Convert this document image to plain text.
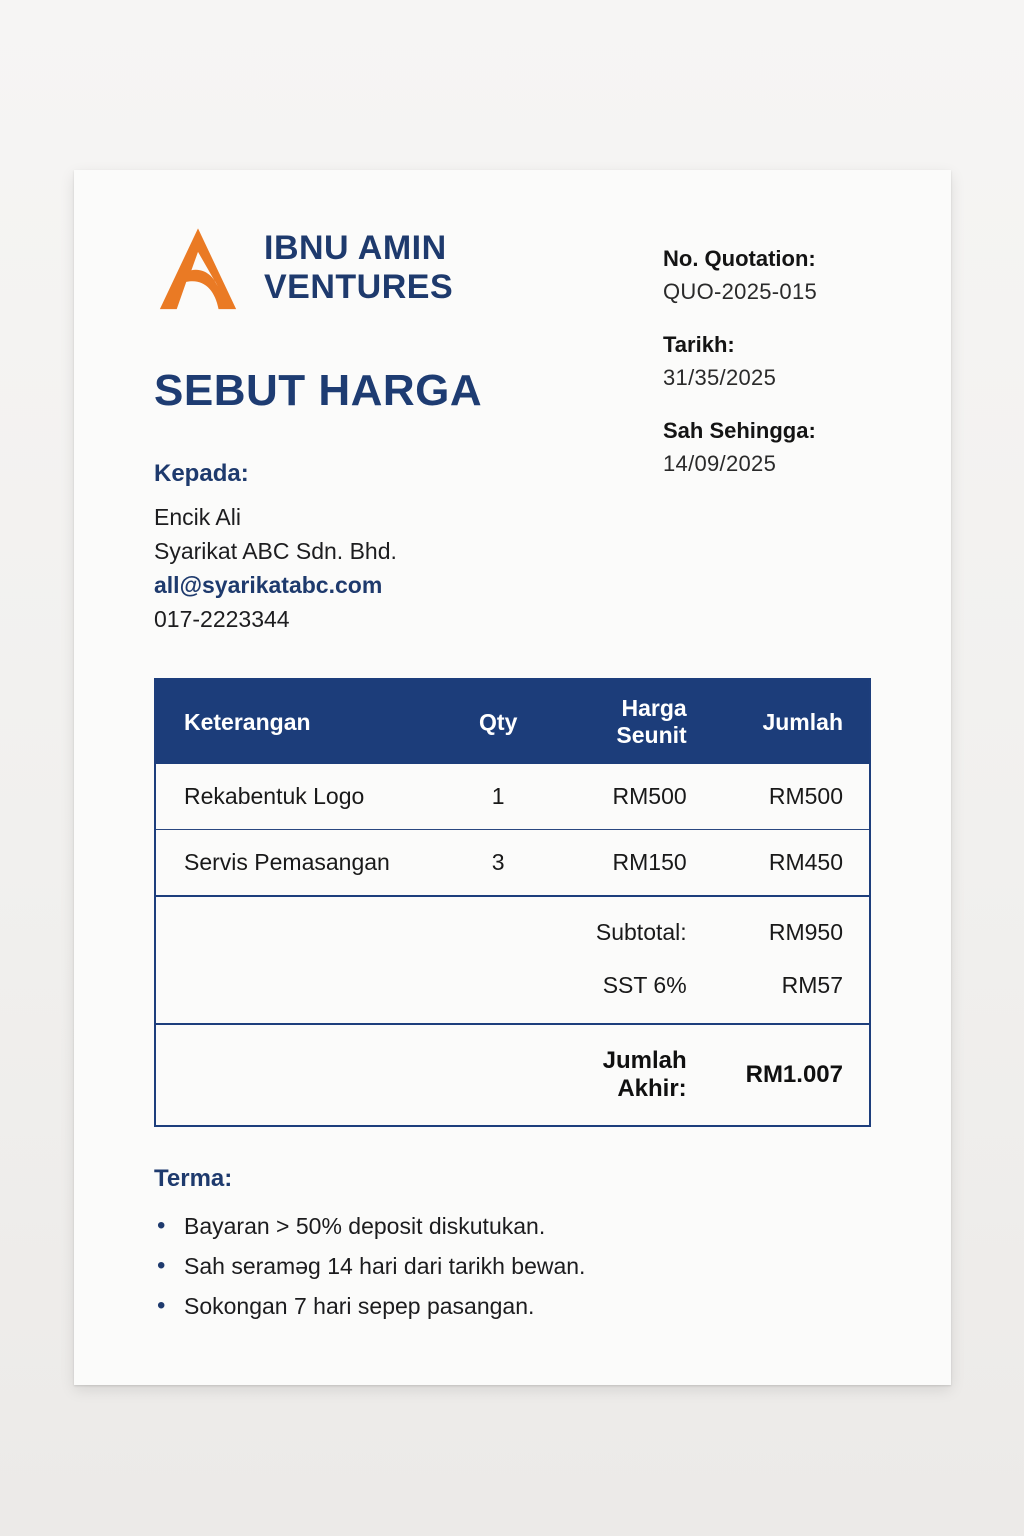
IBNU AMIN
VENTURES
SEBUT HARGA
Kepada:
Encik Ali
Syarikat ABC Sdn. Bhd.
all@syarikatabc.com
017-2223344
No. Quotation:
QUO-2025-015
Tarikh:
31/35/2025
Sah Sehingga:
14/09/2025
Keterangan	Qty	Harga Seunit	Jumlah
Rekabentuk Logo	1	RM500	RM500
Servis Pemasangan	3	RM150	RM450
		Subtotal:	RM950
		SST 6%	RM57
		Jumlah Akhir:	RM1.007
Terma:
• Bayaran > 50% deposit diskutukan.
• Sah seraməg 14 hari dari tarikh bewan.
• Sokongan 7 hari sepep pasangan.
